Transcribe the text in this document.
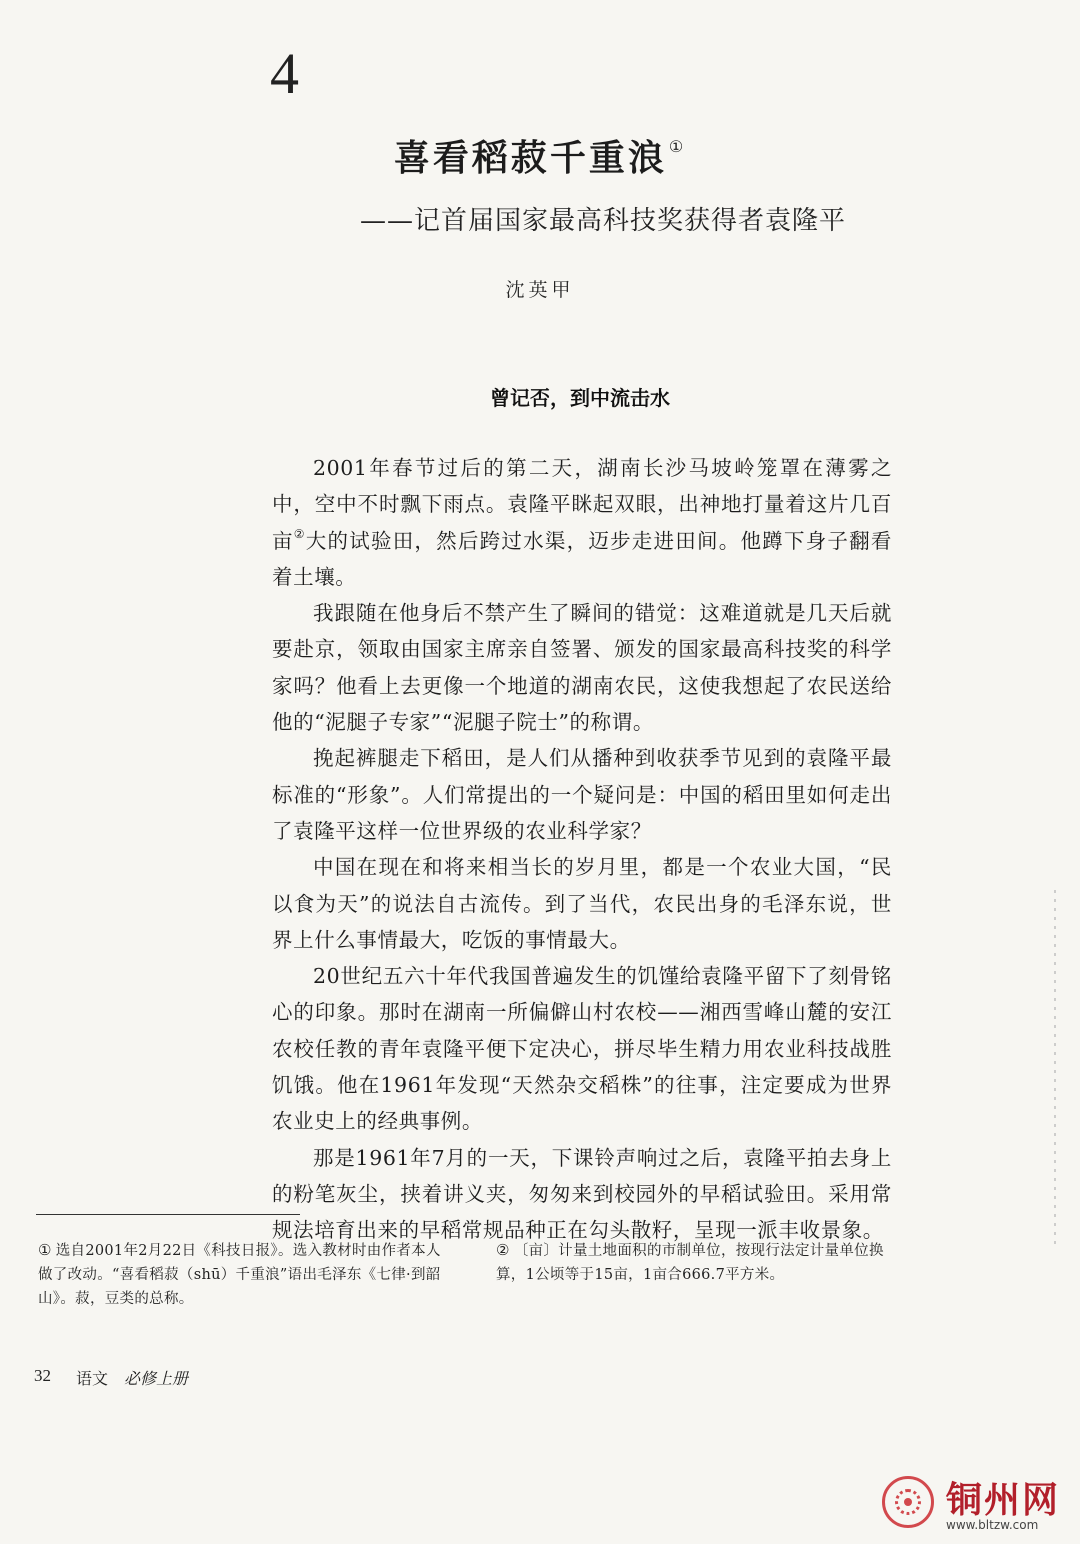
4
喜看稻菽千重浪 ①
——记首届国家最高科技奖获得者袁隆平
沈英甲
曾记否，到中流击水

2001年春节过后的第二天，湖南长沙马坡岭笼罩在薄雾之中，空中不时飘下雨点。袁隆平眯起双眼，出神地打量着这片几百亩②大的试验田，然后跨过水渠，迈步走进田间。他蹲下身子翻看着土壤。

我跟随在他身后不禁产生了瞬间的错觉：这难道就是几天后就要赴京，领取由国家主席亲自签署、颁发的国家最高科技奖的科学家吗？他看上去更像一个地道的湖南农民，这使我想起了农民送给他的“泥腿子专家”“泥腿子院士”的称谓。

挽起裤腿走下稻田，是人们从播种到收获季节见到的袁隆平最标准的“形象”。人们常提出的一个疑问是：中国的稻田里如何走出了袁隆平这样一位世界级的农业科学家？

中国在现在和将来相当长的岁月里，都是一个农业大国，“民以食为天”的说法自古流传。到了当代，农民出身的毛泽东说，世界上什么事情最大，吃饭的事情最大。

20世纪五六十年代我国普遍发生的饥馑给袁隆平留下了刻骨铭心的印象。那时在湖南一所偏僻山村农校——湘西雪峰山麓的安江农校任教的青年袁隆平便下定决心，拼尽毕生精力用农业科技战胜饥饿。他在1961年发现“天然杂交稻株”的往事，注定要成为世界农业史上的经典事例。

那是1961年7月的一天，下课铃声响过之后，袁隆平拍去身上的粉笔灰尘，挟着讲义夹，匆匆来到校园外的早稻试验田。采用常规法培育出来的早稻常规品种正在勾头散籽，呈现一派丰收景象。

① 选自2001年2月22日《科技日报》。选入教材时由作者本人做了改动。“喜看稻菽（shū）千重浪”语出毛泽东《七律·到韶山》。菽，豆类的总称。
② 〔亩〕计量土地面积的市制单位，按现行法定计量单位换算，1公顷等于15亩，1亩合666.7平方米。
32 语文 必修上册
铜州网
www.bltzw.com
